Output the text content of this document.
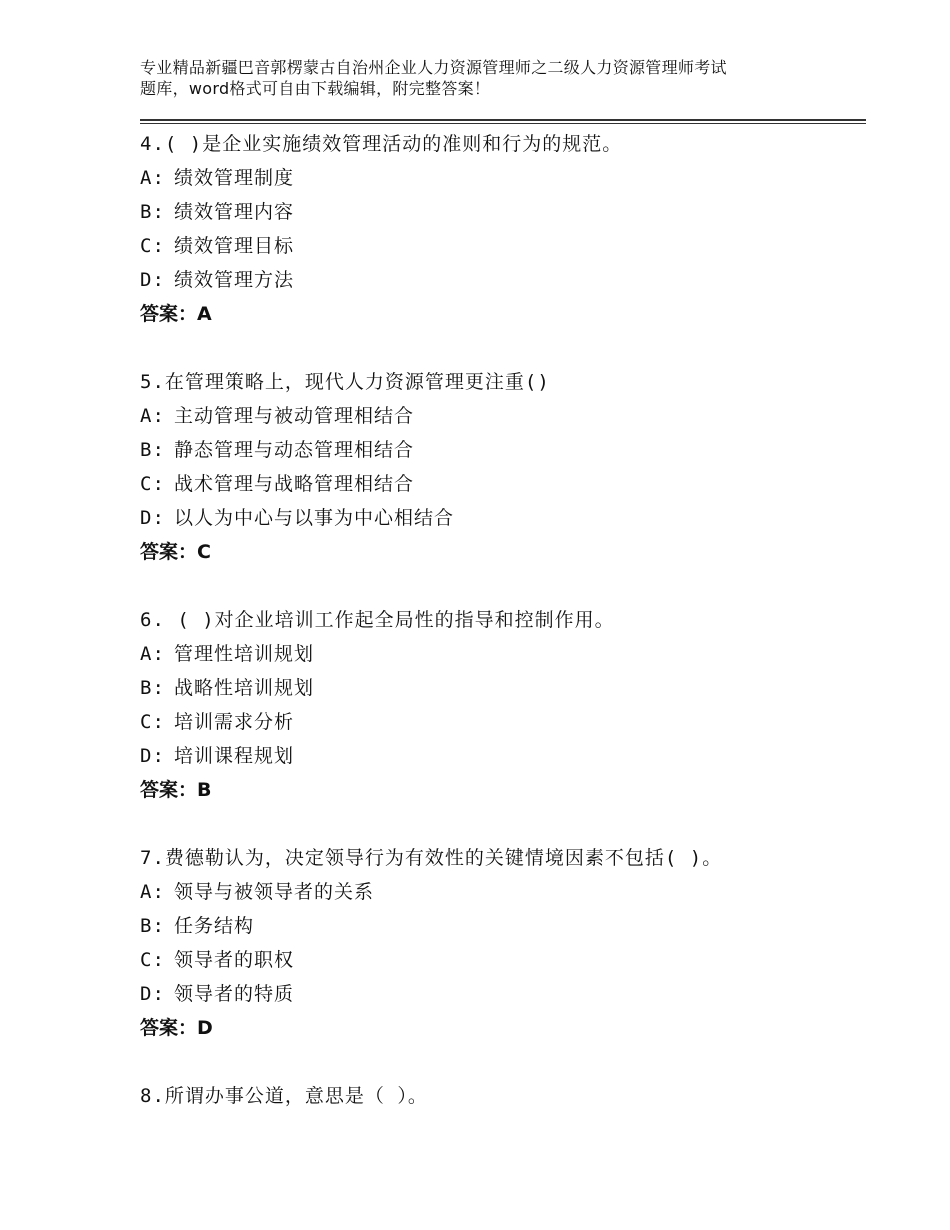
专业精品新疆巴音郭楞蒙古自治州企业人力资源管理师之二级人力资源管理师考试
题库，word格式可自由下载编辑，附完整答案！
4.( )是企业实施绩效管理活动的准则和行为的规范。
A: 绩效管理制度
B: 绩效管理内容
C: 绩效管理目标
D: 绩效管理方法
答案：A
5.在管理策略上，现代人力资源管理更注重()
A: 主动管理与被动管理相结合
B: 静态管理与动态管理相结合
C: 战术管理与战略管理相结合
D: 以人为中心与以事为中心相结合
答案：C
6. ( )对企业培训工作起全局性的指导和控制作用。
A: 管理性培训规划
B: 战略性培训规划
C: 培训需求分析
D: 培训课程规划
答案：B
7.费德勒认为，决定领导行为有效性的关键情境因素不包括( )。
A: 领导与被领导者的关系
B: 任务结构
C: 领导者的职权
D: 领导者的特质
答案：D
8.所谓办事公道，意思是（ ）。
